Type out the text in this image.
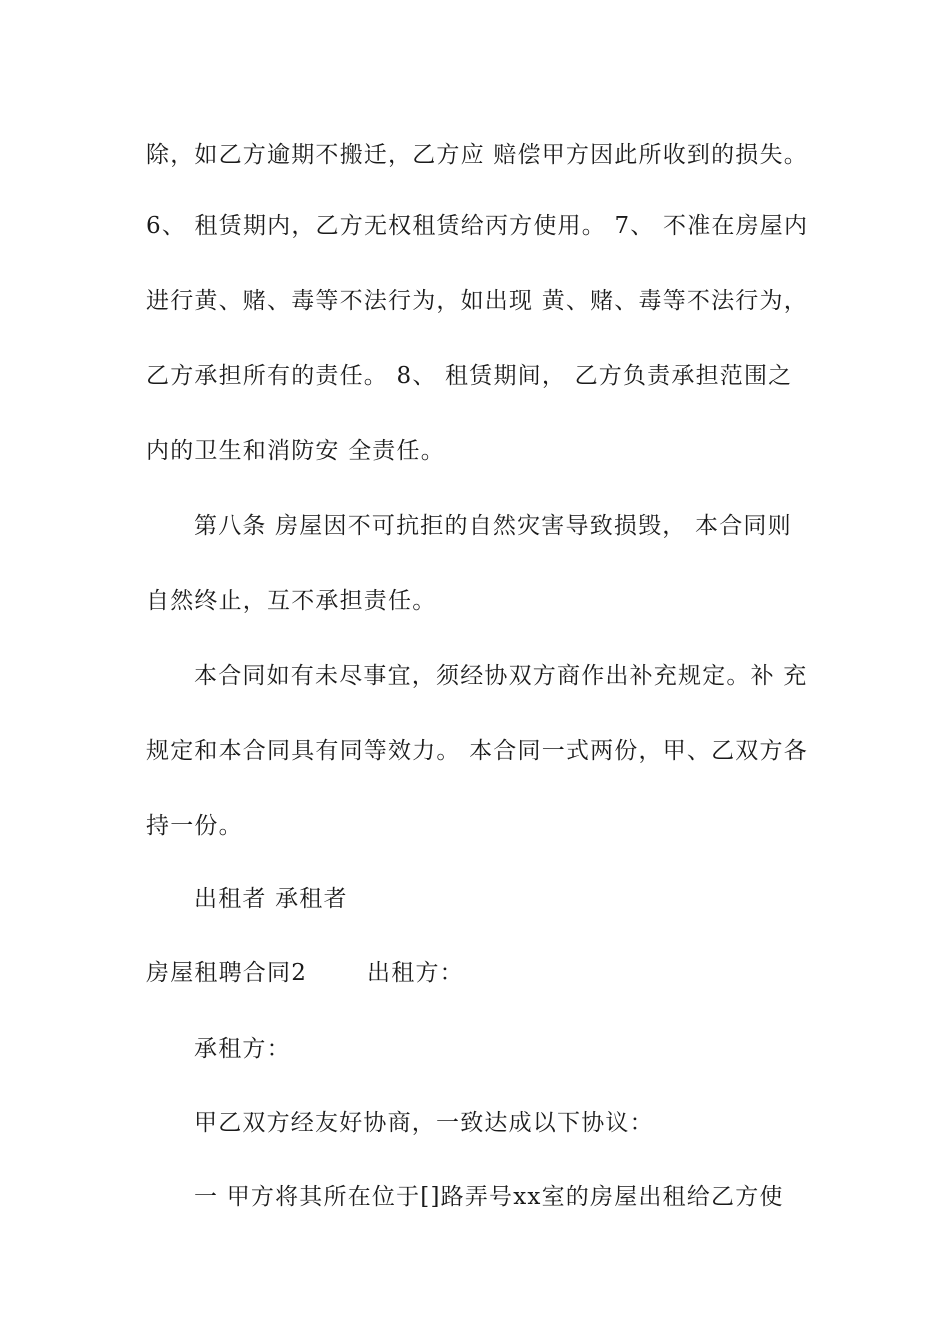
除，如乙方逾期不搬迁，乙方应 赔偿甲方因此所收到的损失。
6、 租赁期内，乙方无权租赁给丙方使用。 7、 不准在房屋内
进行黄、赌、毒等不法行为，如出现 黄、赌、毒等不法行为，
乙方承担所有的责任。 8、 租赁期间， 乙方负责承担范围之
内的卫生和消防安 全责任。
第八条 房屋因不可抗拒的自然灾害导致损毁， 本合同则
自然终止，互不承担责任。
本合同如有未尽事宜，须经协双方商作出补充规定。补 充
规定和本合同具有同等效力。 本合同一式两份，甲、乙双方各
持一份。
出租者 承租者
房屋租聘合同2	出租方：
承租方：
甲乙双方经友好协商，一致达成以下协议：
一 甲方将其所在位于[]路弄号xx室的房屋出租给乙方使
